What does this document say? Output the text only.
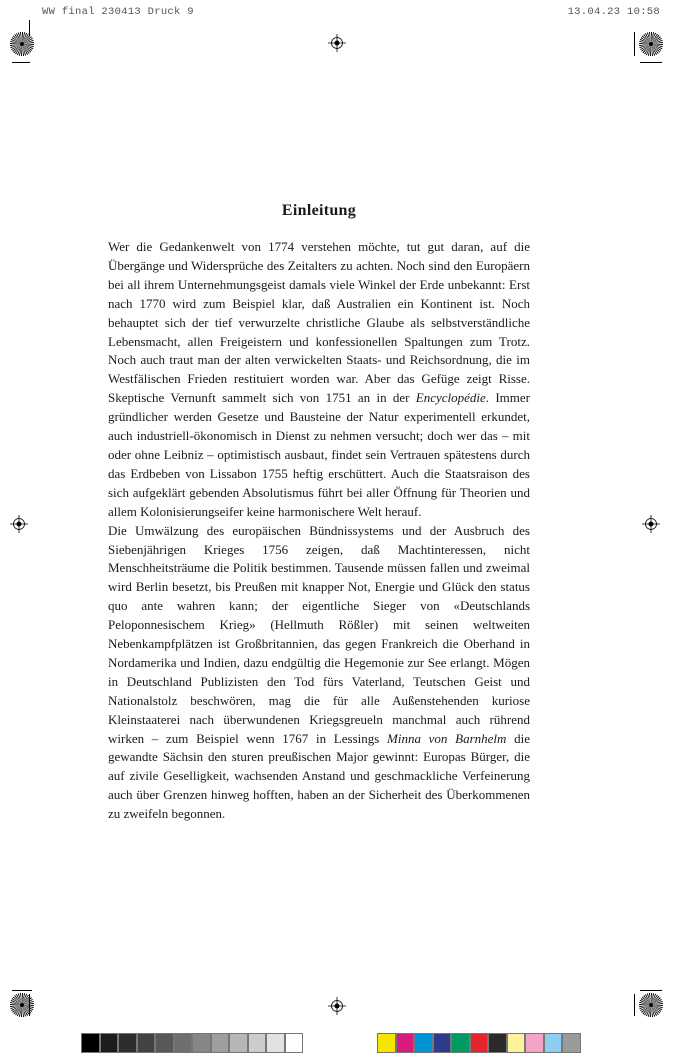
WW final 230413 Druck 9	13.04.23 10:58
Einleitung

Wer die Gedankenwelt von 1774 verstehen möchte, tut gut daran, auf die Übergänge und Widersprüche des Zeitalters zu achten. Noch sind den Europäern bei all ihrem Unternehmungsgeist damals viele Winkel der Erde unbekannt: Erst nach 1770 wird zum Beispiel klar, daß Australien ein Kontinent ist. Noch behauptet sich der tief verwurzelte christliche Glaube als selbstverständliche Lebensmacht, allen Freigeistern und konfessionellen Spaltungen zum Trotz. Noch auch traut man der alten verwickelten Staats- und Reichsordnung, die im Westfälischen Frieden restituiert worden war. Aber das Gefüge zeigt Risse. Skeptische Vernunft sammelt sich von 1751 an in der Encyclopédie. Immer gründlicher werden Gesetze und Bausteine der Natur experimentell erkundet, auch industriell-ökonomisch in Dienst zu nehmen versucht; doch wer das – mit oder ohne Leibniz – optimistisch ausbaut, findet sein Vertrauen spätestens durch das Erdbeben von Lissabon 1755 heftig erschüttert. Auch die Staatsraison des sich aufgeklärt gebenden Absolutismus führt bei aller Öffnung für Theorien und allem Kolonisierungseifer keine harmonischere Welt herauf.

Die Umwälzung des europäischen Bündnissystems und der Ausbruch des Siebenjährigen Krieges 1756 zeigen, daß Machtinteressen, nicht Menschheitsträume die Politik bestimmen. Tausende müssen fallen und zweimal wird Berlin besetzt, bis Preußen mit knapper Not, Energie und Glück den status quo ante wahren kann; der eigentliche Sieger von «Deutschlands Peloponnesischem Krieg» (Hellmuth Rößler) mit seinen weltweiten Nebenkampfplätzen ist Großbritannien, das gegen Frankreich die Oberhand in Nordamerika und Indien, dazu endgültig die Hegemonie zur See erlangt. Mögen in Deutschland Publizisten den Tod fürs Vaterland, Teutschen Geist und Nationalstolz beschwören, mag die für alle Außenstehenden kuriose Kleinstaaterei nach überwundenen Kriegsgreueln manchmal auch rührend wirken – zum Beispiel wenn 1767 in Lessings Minna von Barnhelm die gewandte Sächsin den sturen preußischen Major gewinnt: Europas Bürger, die auf zivile Geselligkeit, wachsenden Anstand und geschmackliche Verfeinerung auch über Grenzen hinweg hofften, haben an der Sicherheit des Überkommenen zu zweifeln begonnen.
